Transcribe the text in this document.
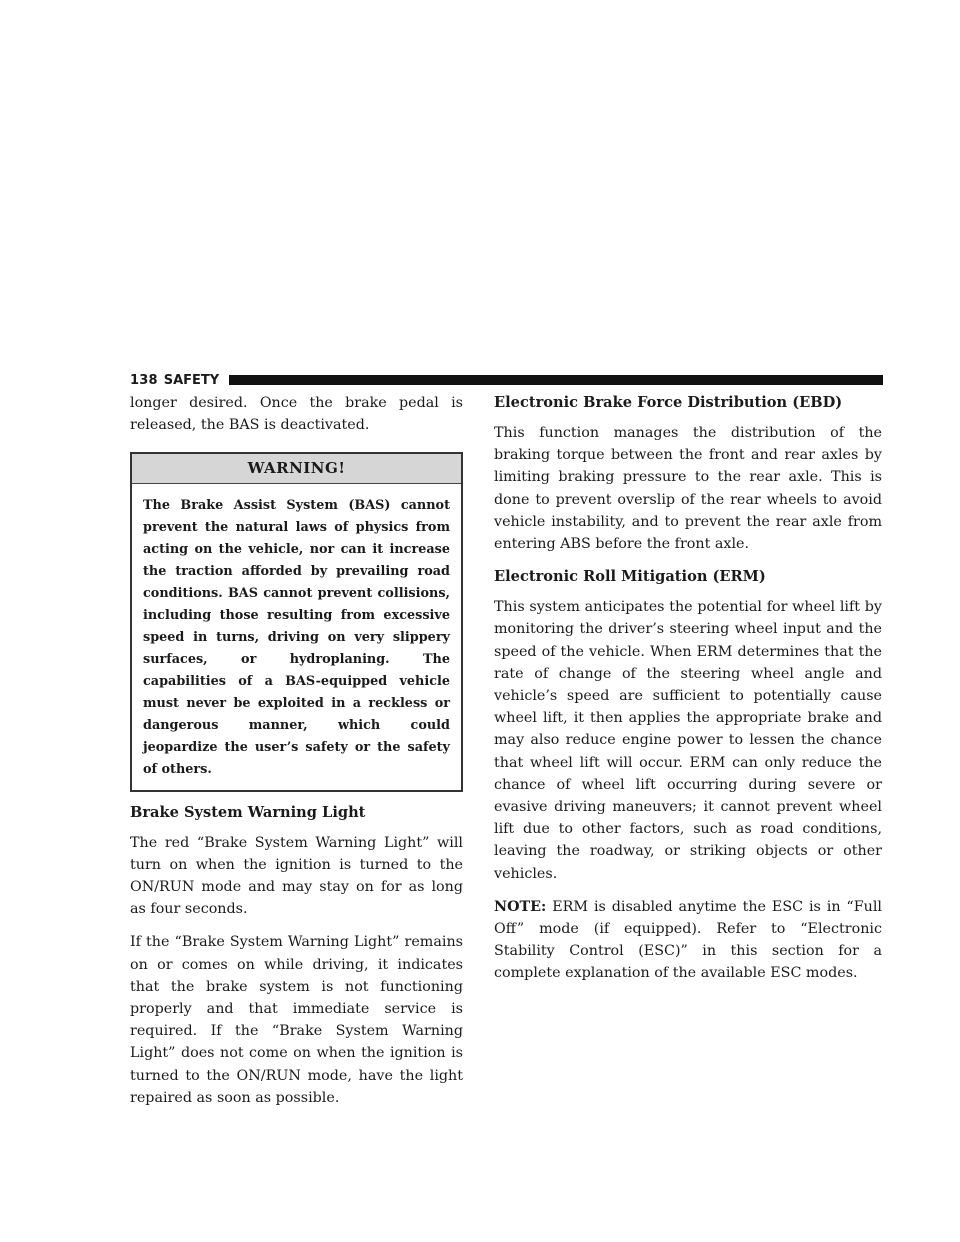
138 SAFETY

longer desired. Once the brake pedal is released, the BAS is deactivated.

WARNING!
The Brake Assist System (BAS) cannot prevent the natural laws of physics from acting on the vehicle, nor can it increase the traction afforded by prevailing road conditions. BAS cannot prevent collisions, including those resulting from excessive speed in turns, driving on very slippery surfaces, or hydroplaning. The capabilities of a BAS-equipped vehicle must never be exploited in a reckless or dangerous manner, which could jeopardize the user’s safety or the safety of others.
Brake System Warning Light

The red “Brake System Warning Light” will turn on when the ignition is turned to the ON/RUN mode and may stay on for as long as four seconds.

If the “Brake System Warning Light” remains on or comes on while driving, it indicates that the brake system is not functioning properly and that immediate service is required. If the “Brake System Warning Light” does not come on when the ignition is turned to the ON/RUN mode, have the light repaired as soon as possible.

Electronic Brake Force Distribution (EBD)

This function manages the distribution of the braking torque between the front and rear axles by limiting braking pressure to the rear axle. This is done to prevent overslip of the rear wheels to avoid vehicle instability, and to prevent the rear axle from entering ABS before the front axle.

Electronic Roll Mitigation (ERM)

This system anticipates the potential for wheel lift by monitoring the driver’s steering wheel input and the speed of the vehicle. When ERM determines that the rate of change of the steering wheel angle and vehicle’s speed are sufficient to potentially cause wheel lift, it then applies the appropriate brake and may also reduce engine power to lessen the chance that wheel lift will occur. ERM can only reduce the chance of wheel lift occurring during severe or evasive driving maneuvers; it cannot prevent wheel lift due to other factors, such as road conditions, leaving the roadway, or striking objects or other vehicles.

NOTE: ERM is disabled anytime the ESC is in “Full Off” mode (if equipped). Refer to “Electronic Stability Control (ESC)” in this section for a complete explanation of the available ESC modes.
